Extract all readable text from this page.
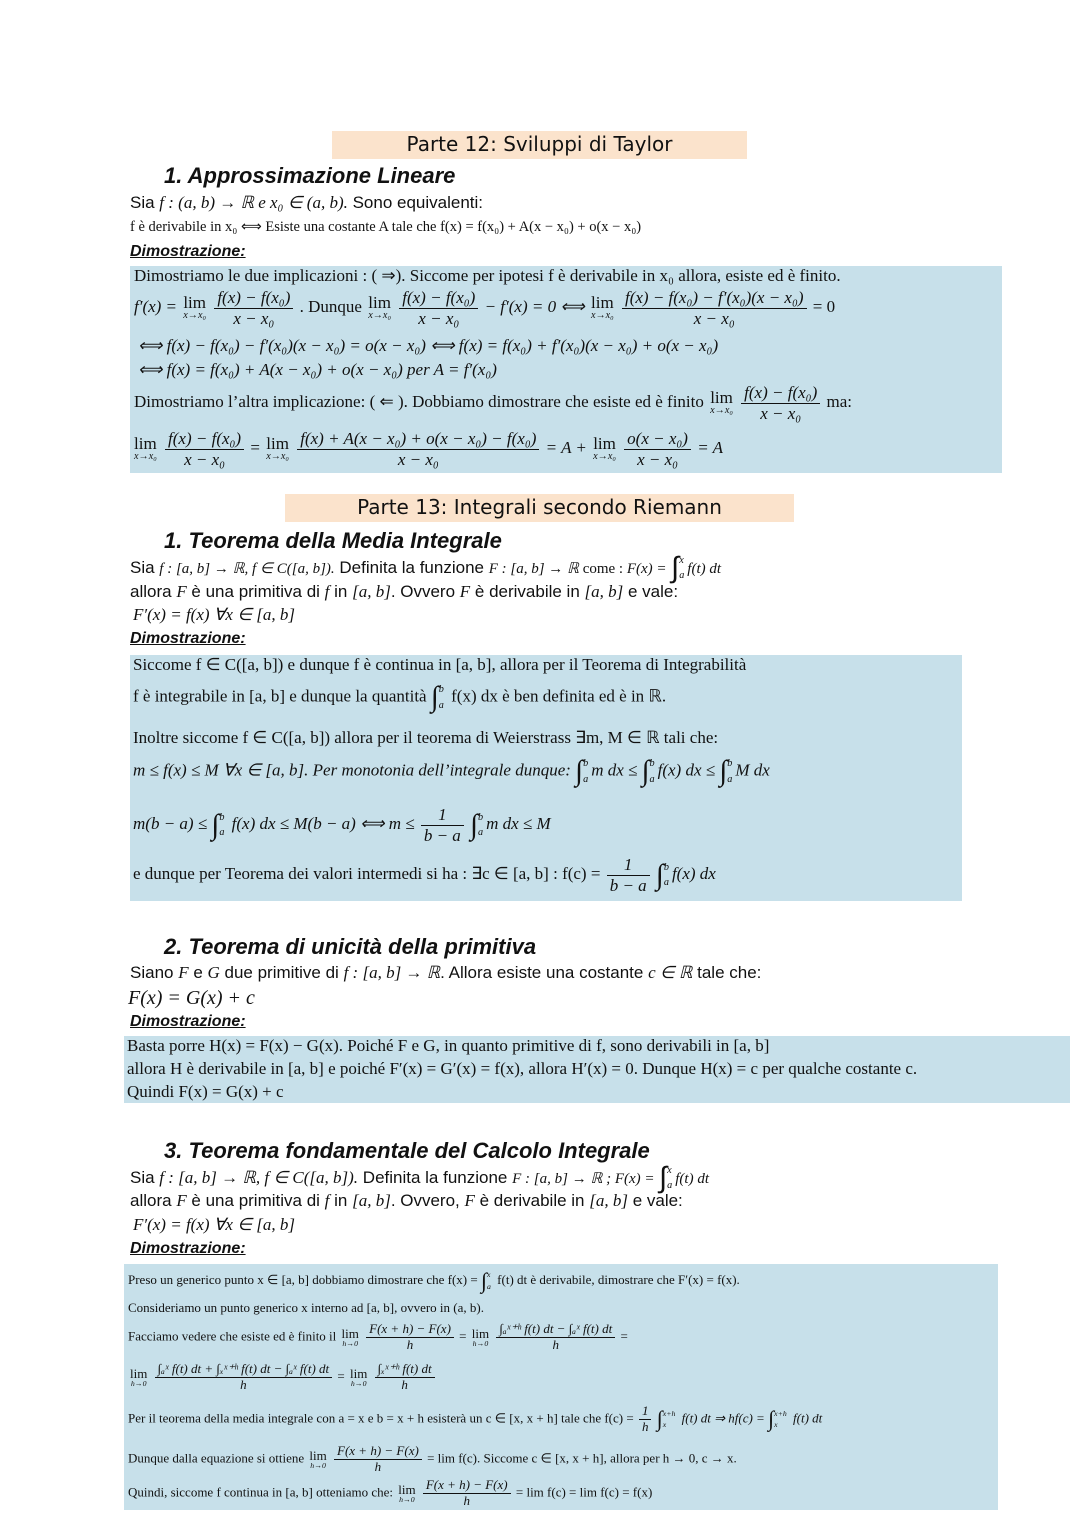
Parte 12: Sviluppi di Taylor
1. Approssimazione Lineare
Sia f : (a, b) → ℝ e x₀ ∈ (a, b). Sono equivalenti:
f è derivabile in x₀ ⟺ Esiste una costante A tale che f(x) = f(x₀) + A(x − x₀) + o(x − x₀)
Dimostrazione:
Dimostriamo le due implicazioni : ( ⇒). Siccome per ipotesi f è derivabile in x₀ allora, esiste ed è finito.
f′(x) = lim
x→x₀
$\frac{\text{f(x) − f(x₀)}}{\text{x − x₀}}$ . Dunque lim
x→x₀
$\frac{\text{f(x) − f(x₀)}}{\text{x − x₀}} - f'(x) = 0$ ⟺ lim
x→x₀
$\frac{\text{f(x) − f(x₀) − f′(x₀)(x − x₀)}}{\text{x − x₀}} = 0$
⟺ f(x) − f(x₀) − f′(x₀)(x − x₀) = o(x − x₀) ⟺ f(x) = f(x₀) + f′(x₀)(x − x₀) + o(x − x₀)
⟺ f(x) = f(x₀) + A(x − x₀) + o(x − x₀) per A = f′(x₀)
Dimostriamo l’altra implicazione: ( ⇐ ). Dobbiamo dimostrare che esiste ed è finito lim
x→x₀
$\frac{\text{f(x) − f(x₀)}}{\text{x − x₀}}$ ma:
lim
x→x₀
$\frac{\text{f(x) − f(x₀)}}{\text{x − x₀}} = \lim$
x→x₀
$\frac{\text{f(x) + A(x − x₀) + o(x − x₀) − f(x₀)}}{\text{x − x₀}} = A + \lim$
x→x₀
$\frac{\text{o(x − x₀)}}{\text{x − x₀}} = A$
Parte 13: Integrali secondo Riemann
1. Teorema della Media Integrale
Sia f : [a, b] → ℝ, f ∈ C([a, b]). Definita la funzione F : [a, b] → ℝ come : F(x) = ∫ x
a f(t) dt
allora F è una primitiva di f in [a, b]. Ovvero F è derivabile in [a, b] e vale:
F′(x) = f(x) ∀x ∈ [a, b]
Dimostrazione:
Siccome f ∈ C([a, b]) e dunque f è continua in [a, b], allora per il Teorema di Integrabilità
f è integrabile in [a, b] e dunque la quantità ∫ b
a f(x) dx è ben definita ed è in ℝ.
Inoltre siccome f ∈ C([a, b]) allora per il teorema di Weierstrass ∃m, M ∈ ℝ tali che:
m ≤ f(x) ≤ M ∀x ∈ [a, b]. Per monotonia dell’integrale dunque: ∫ b
a m dx ≤ ∫ b
a f(x) dx ≤ ∫ b
a M dx
m(b − a) ≤ ∫ b
a f(x) dx ≤ M(b − a) ⟺ $m \le \frac{1}{b - a}$ ∫ b
a m dx ≤ M
e dunque per Teorema dei valori intermedi si ha : ∃c ∈ [a, b] : $f(c) = \frac{1}{b - a}$ ∫ b
a f(x) dx
2. Teorema di unicità della primitiva
Siano F e G due primitive di f : [a, b] → ℝ. Allora esiste una costante c ∈ ℝ tale che:
F(x) = G(x) + c
Dimostrazione:
Basta porre H(x) = F(x) − G(x). Poiché F e G, in quanto primitive di f, sono derivabili in [a, b]
allora H è derivabile in [a, b] e poiché F′(x) = G′(x) = f(x), allora H′(x) = 0. Dunque H(x) = c per qualche costante c.
Quindi F(x) = G(x) + c
3. Teorema fondamentale del Calcolo Integrale
Sia f : [a, b] → ℝ, f ∈ C([a, b]). Definita la funzione F : [a, b] → ℝ ; F(x) = ∫ x
a f(t) dt
allora F è una primitiva di f in [a, b]. Ovvero, F è derivabile in [a, b] e vale:
F′(x) = f(x) ∀x ∈ [a, b]
Dimostrazione:
Preso un generico punto x ∈ [a, b] dobbiamo dimostrare che f(x) = ∫ x
a f(t) dt è derivabile, dimostrare che F′(x) = f(x).
Consideriamo un punto generico x interno ad [a, b], ovvero in (a, b).
Facciamo vedere che esiste ed è finito il lim
h→0
$\frac{F(x + h) - F(x)}{h} = \lim$
h→0
$\frac{\text{∫ₐˣ⁺ʰ f(t) dt − ∫ₐˣ f(t) dt}}{h}$ =
lim
h→0
$\frac{\text{∫ₐˣ f(t) dt + ∫ₓˣ⁺ʰ f(t) dt − ∫ₐˣ f(t) dt}}{h} = \lim$
h→0
$\frac{\text{∫ₓˣ⁺ʰ f(t) dt}}{h}$
Per il teorema della media integrale con a = x e b = x + h esisterà un c ∈ [x, x + h] tale che $f(c) = \frac{1}{h}$ ∫ x+h
x	f(t) dt ⇒ hf(c) = ∫ x+h
x	f(t) dt
Dunque dalla equazione si ottiene lim
h→0
$\frac{F(x + h) - F(x)}{h} = \lim f(c)$. Siccome c ∈ [x, x + h], allora per h → 0, c → x.
Quindi, siccome f continua in [a, b] otteniamo che: lim
h→0
$\frac{F(x + h) - F(x)}{h} = \lim f(c) = \lim f(c) = f(x)$
